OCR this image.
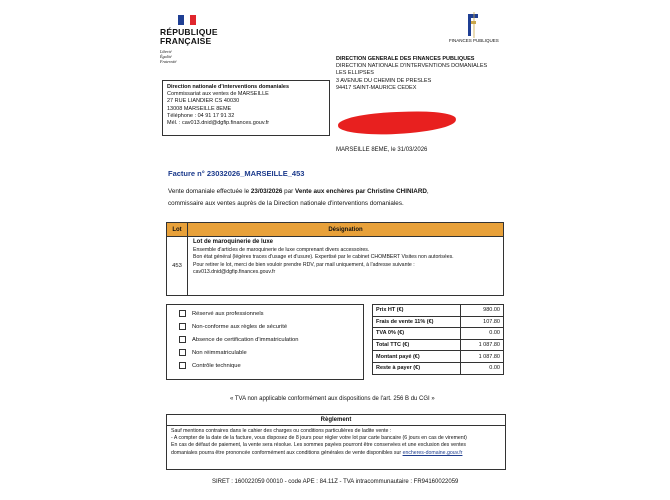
RÉPUBLIQUE
FRANÇAISE
Liberté
Égalité
Fraternité
FINANCES PUBLIQUES
DIRECTION GENERALE DES FINANCES PUBLIQUES
DIRECTION NATIONALE D'INTERVENTIONS DOMANIALES
LES ELLIPSES
3 AVENUE DU CHEMIN DE PRESLES
94417 SAINT-MAURICE CEDEX
Direction nationale d'interventions domaniales
Commissariat aux ventes de MARSEILLE
27 RUE LIANDIER CS 40030
13008 MARSEILLE 8EME
Téléphone : 04 91 17 91 32
Mél. : cav013.dnid@dgfip.finances.gouv.fr
MARSEILLE 8EME, le 31/03/2026
Facture n° 23032026_MARSEILLE_453
Vente domaniale effectuée le 23/03/2026 par Vente aux enchères par Christine CHINIARD,
commissaire aux ventes auprès de la Direction nationale d'interventions domaniales.
Lot	Désignation
453	Lot de maroquinerie de luxe
Ensemble d'articles de maroquinerie de luxe comprenant divers accessoires.
Bon état général (légères traces d'usage et d'usure). Expertisé par le cabinet CHOMBERT Visites non autorisées.
Pour retirer le lot, merci de bien vouloir prendre RDV, par mail uniquement, à l'adresse suivante :
cav013.dnid@dgfip.finances.gouv.fr
Réservé aux professionnels
Non-conforme aux règles de sécurité
Absence de certification d'immatriculation
Non réimmatriculable
Contrôle technique
Prix HT (€)	980.00
Frais de vente 11% (€)	107.80
TVA 0% (€)	0.00
Total TTC (€)	1 087.80
Montant payé (€)	1 087.80
Reste à payer (€)	0.00
« TVA non applicable conformément aux dispositions de l'art. 256 B du CGI »
Règlement
Sauf mentions contraires dans le cahier des charges ou conditions particulières de ladite vente :
- A compter de la date de la facture, vous disposez de 8 jours pour régler votre lot par carte bancaire (6 jours en cas de virement)
En cas de défaut de paiement, la vente sera résolue. Les sommes payées pourront être conservées et une exclusion des ventes
domaniales pourra être prononcée conformément aux conditions générales de vente disponibles sur encheres-domaine.gouv.fr
SIRET : 160022059 00010 - code APE : 84.11Z - TVA intracommunautaire : FR94160022059
